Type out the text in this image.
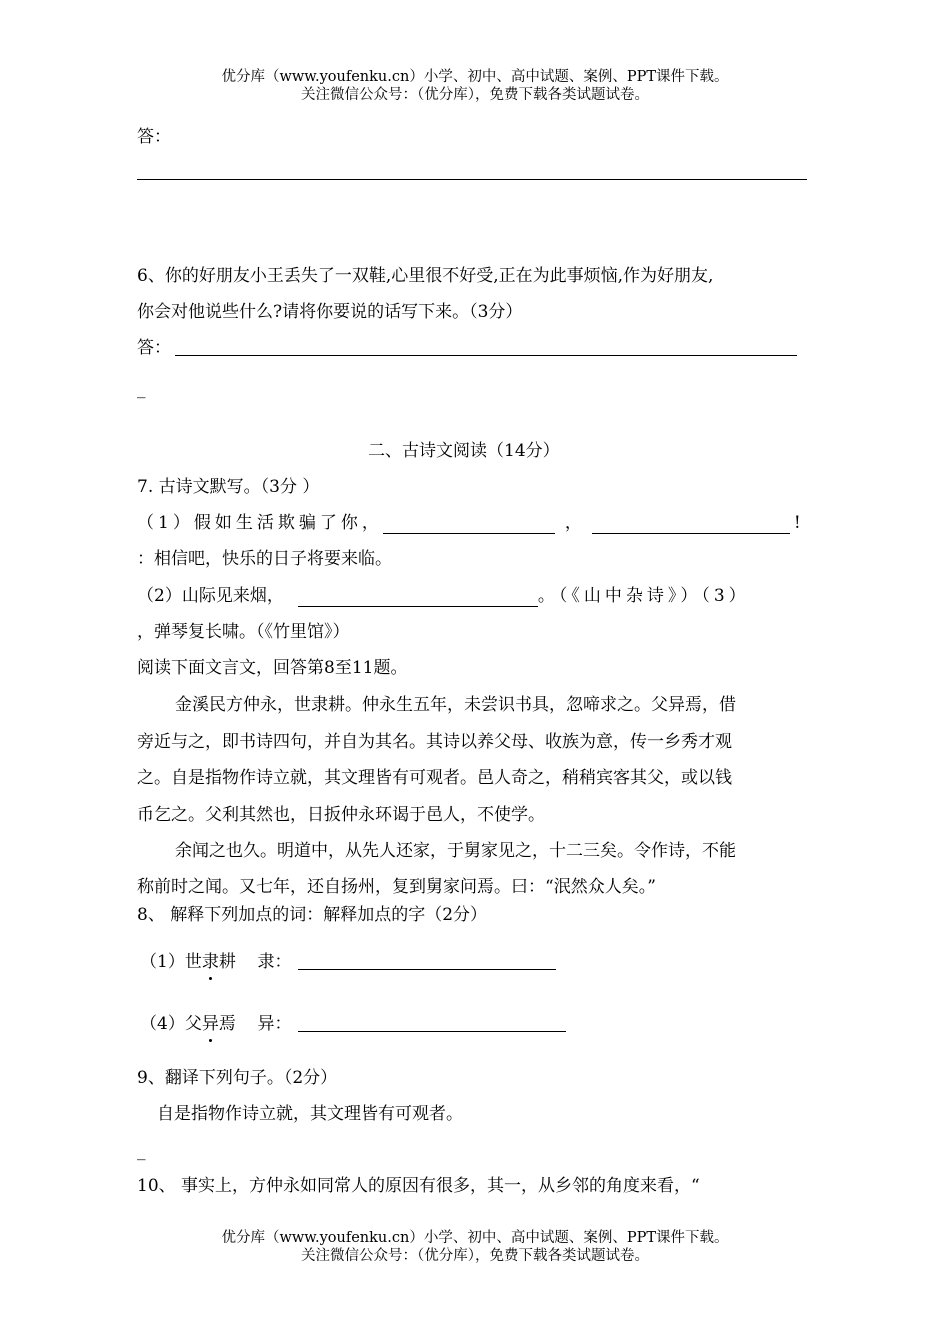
优分库（www.youfenku.cn）小学、初中、高中试题、案例、PPT课件下载。
关注微信公众号：（优分库），免费下载各类试题试卷。
答：
6、你的好朋友小王丢失了一双鞋,心里很不好受,正在为此事烦恼,作为好朋友,
你会对他说些什么?请将你要说的话写下来。（3分）
答：
_
二、古诗文阅读（14分）
7. 古诗文默写。（3分 ）
（1）假如生活欺骗了你，	，	!
：相信吧，快乐的日子将要来临。
（2）山际见来烟，	。（《山中杂诗》）（3）
，弹琴复长啸。（《竹里馆》）
阅读下面文言文，回答第8至11题。
金溪民方仲永，世隶耕。仲永生五年，未尝识书具，忽啼求之。父异焉，借
旁近与之，即书诗四句，并自为其名。其诗以养父母、收族为意，传一乡秀才观
之。自是指物作诗立就，其文理皆有可观者。邑人奇之，稍稍宾客其父，或以钱
币乞之。父利其然也，日扳仲永环谒于邑人，不使学。
余闻之也久。明道中，从先人还家，于舅家见之，十二三矣。令作诗，不能
称前时之闻。又七年，还自扬州，复到舅家问焉。曰：“泯然众人矣。”
8、 解释下列加点的词：解释加点的字（2分）
（1）世隶耕    隶：
（4）父异焉    异：
9、翻译下列句子。（2分）
自是指物作诗立就，其文理皆有可观者。
_
10、 事实上，方仲永如同常人的原因有很多，其一，从乡邻的角度来看，“
优分库（www.youfenku.cn）小学、初中、高中试题、案例、PPT课件下载。
关注微信公众号：（优分库），免费下载各类试题试卷。
